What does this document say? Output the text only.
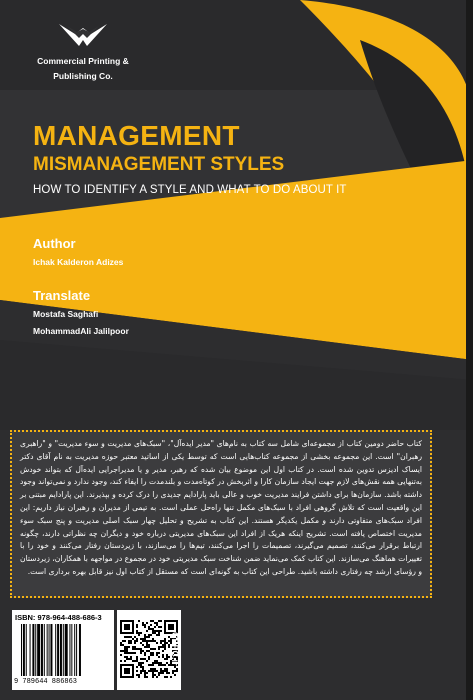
Commercial Printing &
Publishing Co.
MANAGEMENT
MISMANAGEMENT STYLES
HOW TO IDENTIFY A STYLE AND WHAT TO DO ABOUT IT
Author
Ichak Kalderon Adizes
Translate
Mostafa Saghafi
MohammadAli Jalilpoor

کتاب حاضر دومین کتاب از مجموعه‌ای شامل سه کتاب به نام‌های "مدیر ایده‌آل"، "سبک‌های مدیریت و سوء مدیریت" و "راهبری رهبران" است. این مجموعه بخشی از مجموعه کتاب‌هایی است که توسط یکی از اساتید معتبر حوزه مدیریت به نام آقای دکتر ایساک ادیزس تدوین شده است. در کتاب اول این موضوع بیان شده که رهبر، مدیر و یا مدیراجرایی ایده‌آل که بتواند خودش به‌تنهایی همه نقش‌های لازم جهت ایجاد سازمان کارا و اثربخش در کوتاه‌مدت و بلندمدت را ایفاء کند، وجود ندارد و نمی‌تواند وجود داشته باشد. سازمان‌ها برای داشتن فرایند مدیریت خوب و عالی باید پارادایم جدیدی را درک کرده و بپذیرند. این پارادایم مبتنی بر این واقعیت است که تلاش گروهی افراد با سبک‌های مکمل تنها راه‌حل عملی است. به تیمی از مدیران و رهبران نیاز داریم: این افراد سبک‌های متفاوتی دارند و مکمل یکدیگر هستند. این کتاب به تشریح و تحلیل چهار سبک اصلی مدیریت و پنج سبک سوء مدیریت اختصاص یافته است. تشریح اینکه هریک از افراد این سبک‌های مدیریتی درباره خود و دیگران چه نظراتی دارند، چگونه ارتباط برقرار می‌کنند، تصمیم می‌گیرند، تصمیمات را اجرا می‌کنند، تیم‌ها را می‌سازند، با زیردستان رفتار می‌کنند و خود را با تغییرات هماهنگ می‌سازند. این کتاب کمک می‌نماید ضمن شناخت سبک مدیریتی خود در مجموع در مواجهه با همکاران، زیردستان و رؤسای ارشد چه رفتاری داشته باشید. طراحی این کتاب به گونه‌ای است که مستقل از کتاب اول نیز قابل بهره برداری است.

ISBN: 978-964-488-686-3
9 789644 886863
CPPC.ir
